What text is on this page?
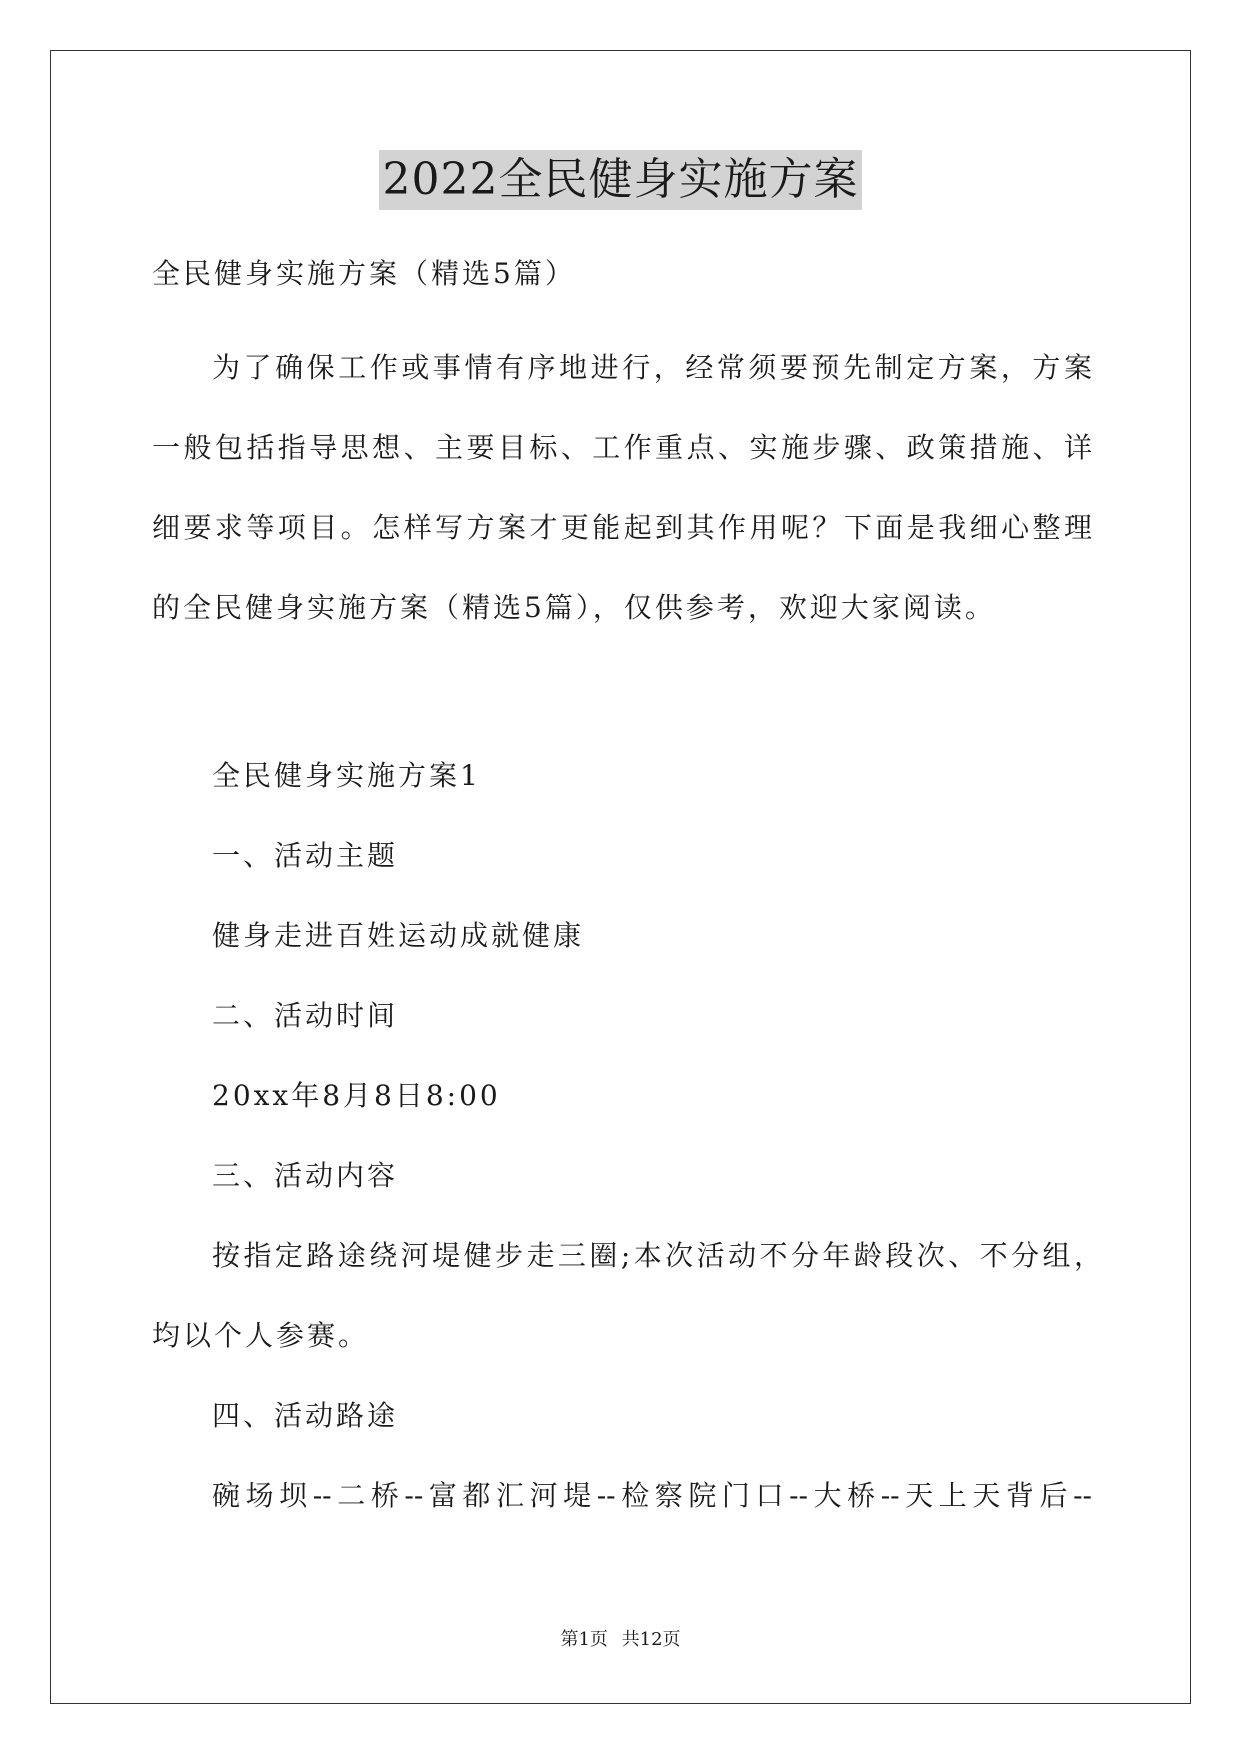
2022全民健身实施方案
全民健身实施方案（精选5篇）
为了确保工作或事情有序地进行，经常须要预先制定方案，方案
一般包括指导思想、主要目标、工作重点、实施步骤、政策措施、详
细要求等项目。怎样写方案才更能起到其作用呢？下面是我细心整理
的全民健身实施方案（精选5篇），仅供参考，欢迎大家阅读。
全民健身实施方案1
一、活动主题
健身走进百姓运动成就健康
二、活动时间
20xx年8月8日8:00
三、活动内容
按指定路途绕河堤健步走三圈;本次活动不分年龄段次、不分组，
均以个人参赛。
四、活动路途
碗场坝--二桥--富都汇河堤--检察院门口--大桥--天上天背后--
第1页 共12页
